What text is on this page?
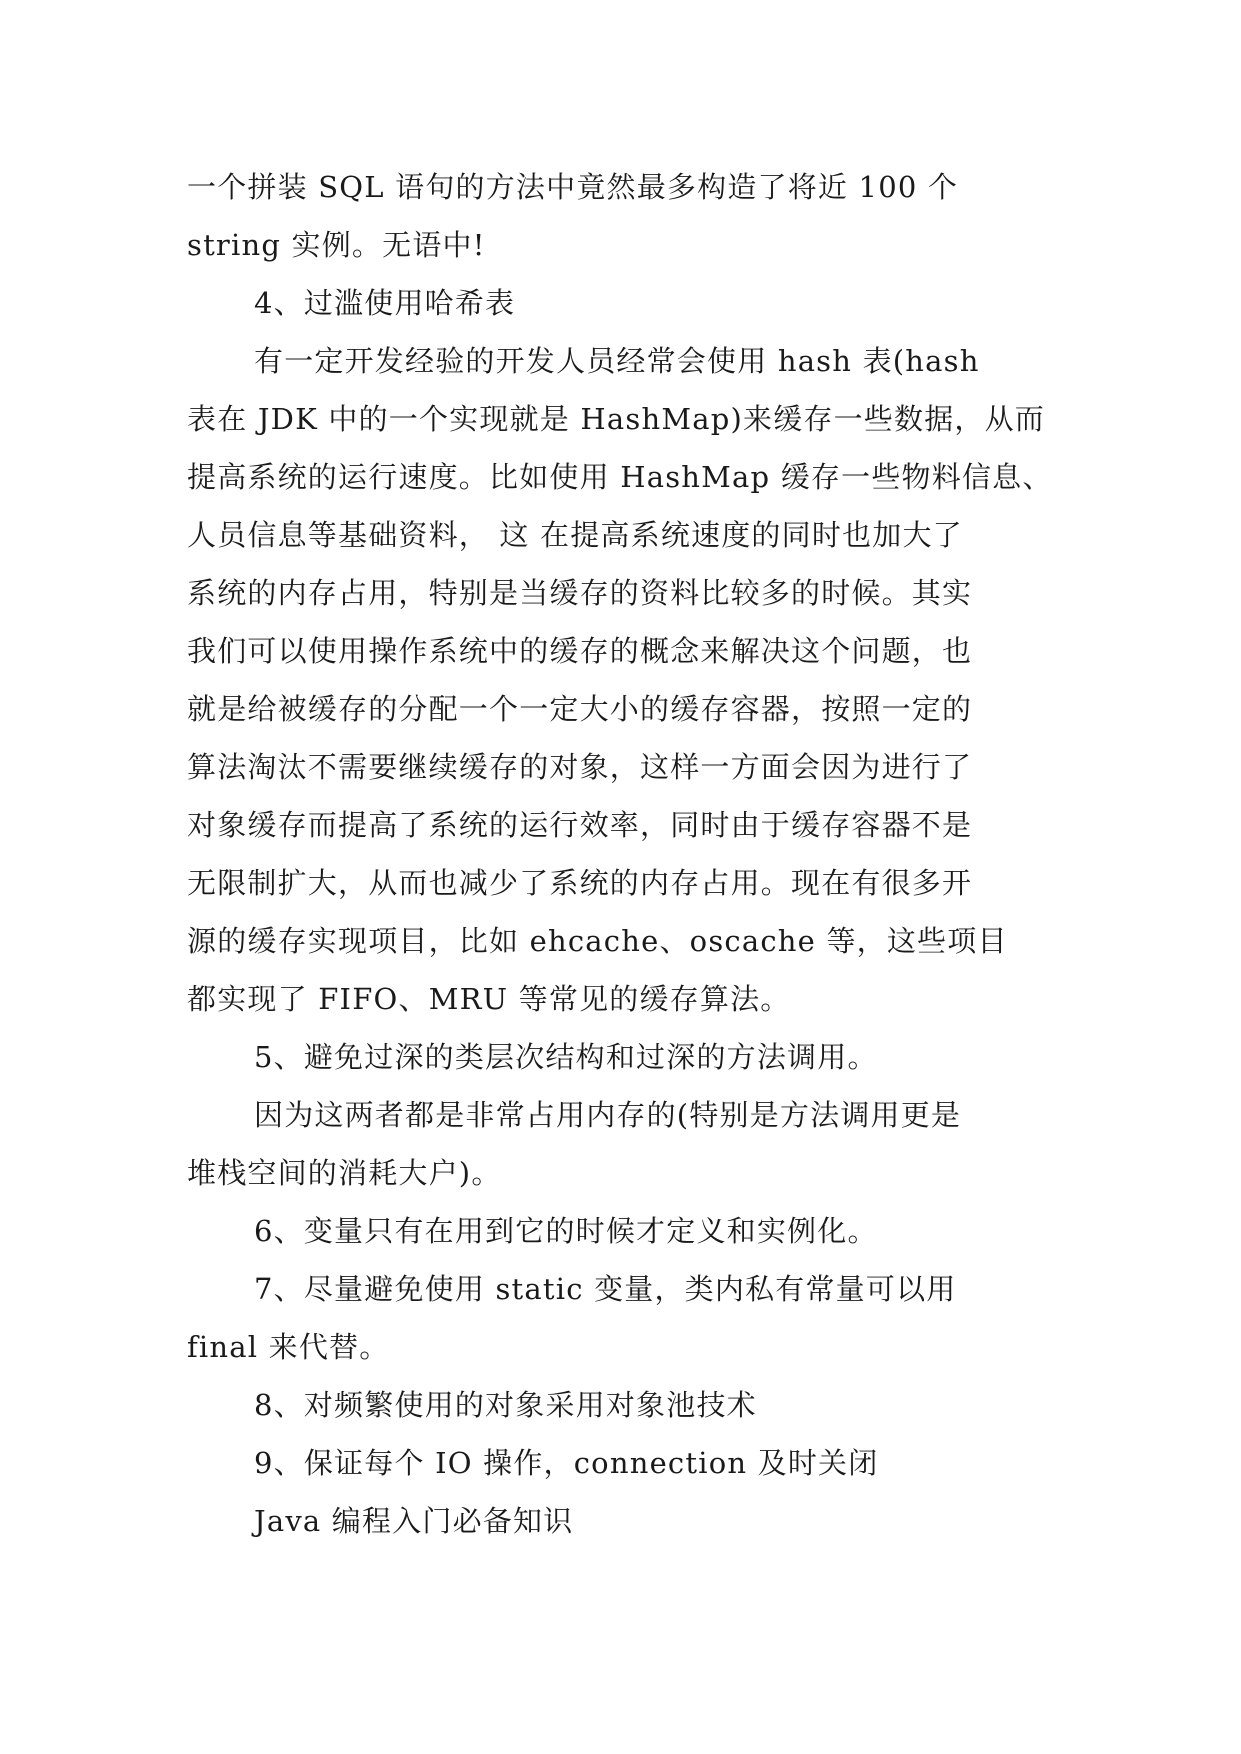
一个拼装 SQL 语句的方法中竟然最多构造了将近 100 个
string 实例。无语中!
4、过滥使用哈希表
有一定开发经验的开发人员经常会使用 hash 表(hash
表在 JDK 中的一个实现就是 HashMap)来缓存一些数据，从而
提高系统的运行速度。比如使用 HashMap 缓存一些物料信息、
人员信息等基础资料， 这 在提高系统速度的同时也加大了
系统的内存占用，特别是当缓存的资料比较多的时候。其实
我们可以使用操作系统中的缓存的概念来解决这个问题，也
就是给被缓存的分配一个一定大小的缓存容器，按照一定的
算法淘汰不需要继续缓存的对象，这样一方面会因为进行了
对象缓存而提高了系统的运行效率，同时由于缓存容器不是
无限制扩大，从而也减少了系统的内存占用。现在有很多开
源的缓存实现项目，比如 ehcache、oscache 等，这些项目
都实现了 FIFO、MRU 等常见的缓存算法。
5、避免过深的类层次结构和过深的方法调用。
因为这两者都是非常占用内存的(特别是方法调用更是
堆栈空间的消耗大户)。
6、变量只有在用到它的时候才定义和实例化。
7、尽量避免使用 static 变量，类内私有常量可以用
final 来代替。
8、对频繁使用的对象采用对象池技术
9、保证每个 IO 操作，connection 及时关闭
Java 编程入门必备知识
